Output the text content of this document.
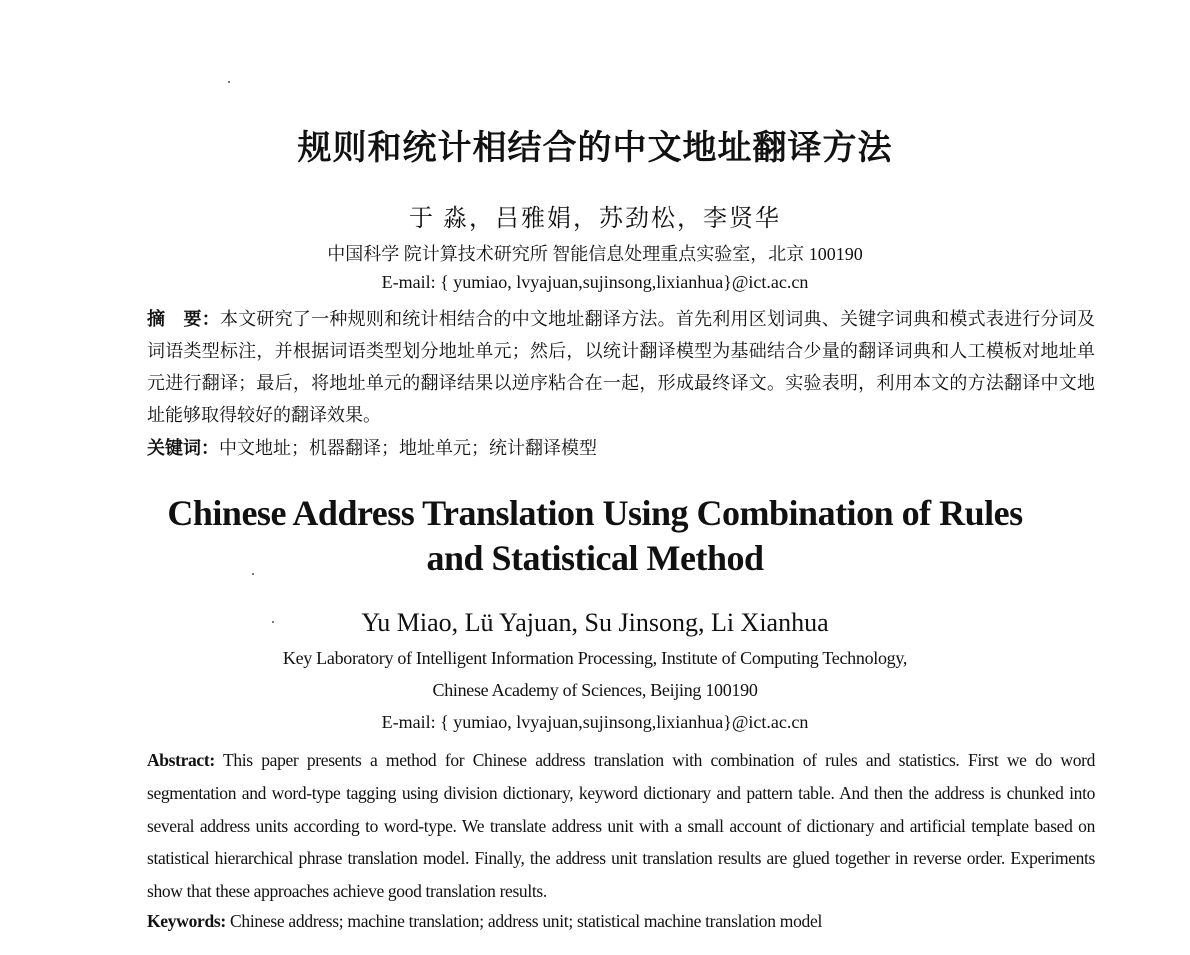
规则和统计相结合的中文地址翻译方法
于 淼，吕雅娟，苏劲松，李贤华
中国科学 院计算技术研究所 智能信息处理重点实验室，北京 100190
E-mail: { yumiao, lvyajuan,sujinsong,lixianhua}@ict.ac.cn
摘　要：本文研究了一种规则和统计相结合的中文地址翻译方法。首先利用区划词典、关键字词典和模式表进行分词及词语类型标注，并根据词语类型划分地址单元；然后，以统计翻译模型为基础结合少量的翻译词典和人工模板对地址单元进行翻译；最后，将地址单元的翻译结果以逆序粘合在一起，形成最终译文。实验表明，利用本文的方法翻译中文地址能够取得较好的翻译效果。
关键词：中文地址；机器翻译；地址单元；统计翻译模型
Chinese Address Translation Using Combination of Rules
and Statistical Method
Yu Miao, Lü Yajuan, Su Jinsong, Li Xianhua
Key Laboratory of Intelligent Information Processing, Institute of Computing Technology,
Chinese Academy of Sciences, Beijing 100190
E-mail: { yumiao, lvyajuan,sujinsong,lixianhua}@ict.ac.cn
Abstract: This paper presents a method for Chinese address translation with combination of rules and statistics. First we do word segmentation and word-type tagging using division dictionary, keyword dictionary and pattern table. And then the address is chunked into several address units according to word-type. We translate address unit with a small account of dictionary and artificial template based on statistical hierarchical phrase translation model. Finally, the address unit translation results are glued together in reverse order. Experiments show that these approaches achieve good translation results.
Keywords: Chinese address; machine translation; address unit; statistical machine translation model
